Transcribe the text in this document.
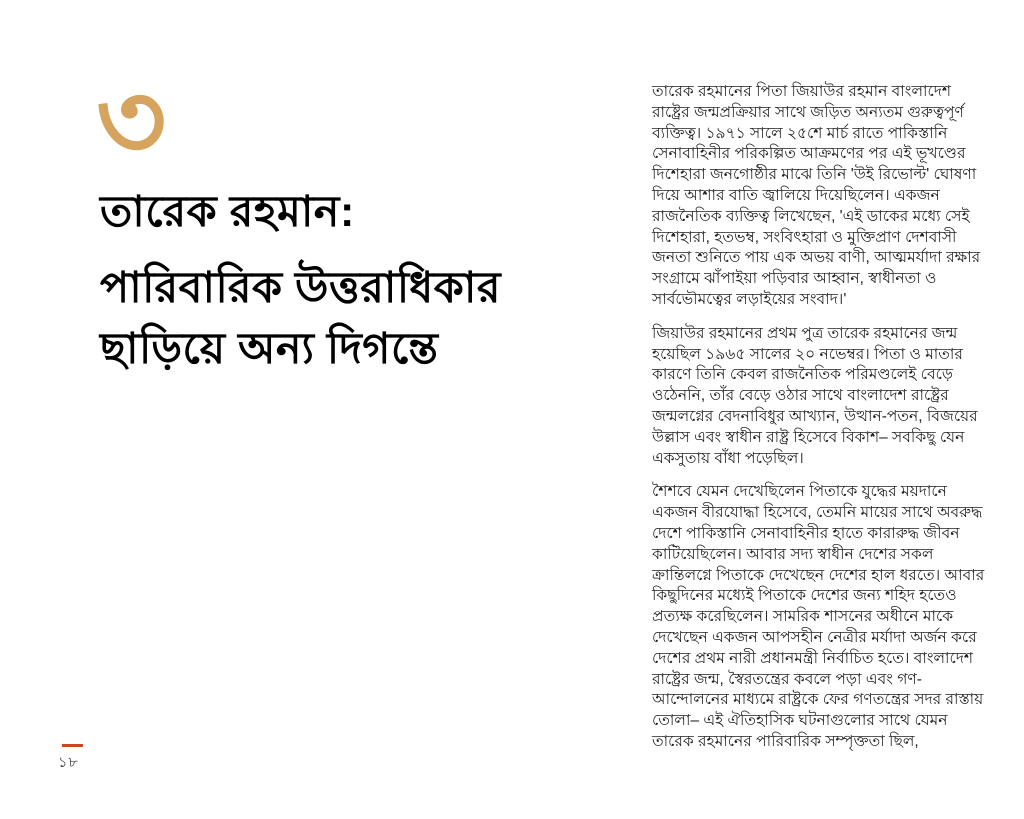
৩
তারেক রহমান:
পারিবারিক উত্তরাধিকার
ছাড়িয়ে অন্য দিগন্তে

তারেক রহমানের পিতা জিয়াউর রহমান বাংলাদেশ রাষ্ট্রের জন্মপ্রক্রিয়ার সাথে জড়িত অন্যতম গুরুত্বপূর্ণ ব্যক্তিত্ব। ১৯৭১ সালে ২৫শে মার্চ রাতে পাকিস্তানি সেনাবাহিনীর পরিকল্পিত আক্রমণের পর এই ভূখণ্ডের দিশেহারা জনগোষ্ঠীর মাঝে তিনি 'উই রিভোল্ট' ঘোষণা দিয়ে আশার বাতি জ্বালিয়ে দিয়েছিলেন। একজন রাজনৈতিক ব্যক্তিত্ব লিখেছেন, 'এই ডাকের মধ্যে সেই দিশেহারা, হতভম্ব, সংবিৎহারা ও মুক্তিপ্রাণ দেশবাসী জনতা শুনিতে পায় এক অভয় বাণী, আত্মমর্যাদা রক্ষার সংগ্রামে ঝাঁপাইয়া পড়িবার আহ্বান, স্বাধীনতা ও সার্বভৌমত্বের লড়াইয়ের সংবাদ।'

জিয়াউর রহমানের প্রথম পুত্র তারেক রহমানের জন্ম হয়েছিল ১৯৬৫ সালের ২০ নভেম্বর। পিতা ও মাতার কারণে তিনি কেবল রাজনৈতিক পরিমণ্ডলেই বেড়ে ওঠেননি, তাঁর বেড়ে ওঠার সাথে বাংলাদেশ রাষ্ট্রের জন্মলগ্নের বেদনাবিধুর আখ্যান, উত্থান-পতন, বিজয়ের উল্লাস এবং স্বাধীন রাষ্ট্র হিসেবে বিকাশ– সবকিছু যেন একসুতায় বাঁধা পড়েছিল।

শৈশবে যেমন দেখেছিলেন পিতাকে যুদ্ধের ময়দানে একজন বীরযোদ্ধা হিসেবে, তেমনি মায়ের সাথে অবরুদ্ধ দেশে পাকিস্তানি সেনাবাহিনীর হাতে কারারুদ্ধ জীবন কাটিয়েছিলেন। আবার সদ্য স্বাধীন দেশের সকল ক্রান্তিলগ্নে পিতাকে দেখেছেন দেশের হাল ধরতে। আবার কিছুদিনের মধ্যেই পিতাকে দেশের জন্য শহিদ হতেও প্রত্যক্ষ করেছিলেন। সামরিক শাসনের অধীনে মাকে দেখেছেন একজন আপসহীন নেত্রীর মর্যাদা অর্জন করে দেশের প্রথম নারী প্রধানমন্ত্রী নির্বাচিত হতে। বাংলাদেশ রাষ্ট্রের জন্ম, স্বৈরতন্ত্রের কবলে পড়া এবং গণ-আন্দোলনের মাধ্যমে রাষ্ট্রকে ফের গণতন্ত্রের সদর রাস্তায় তোলা– এই ঐতিহাসিক ঘটনাগুলোর সাথে যেমন তারেক রহমানের পারিবারিক সম্পৃক্ততা ছিল,

১৮
